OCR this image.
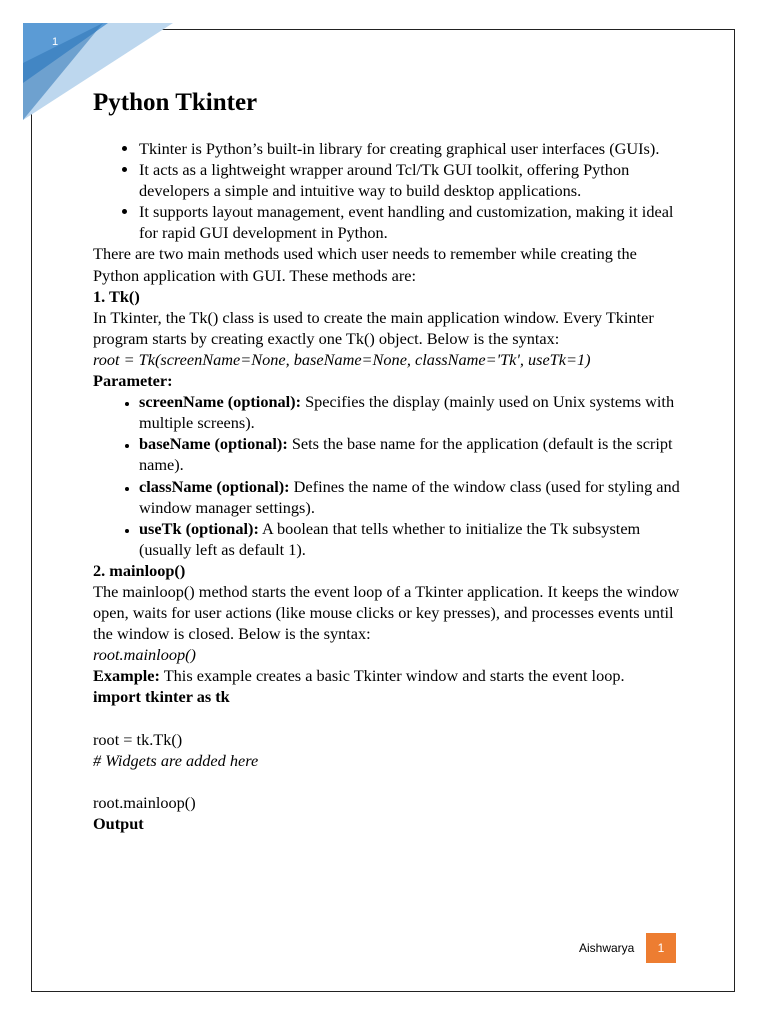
1
Python Tkinter
• Tkinter is Python’s built-in library for creating graphical user interfaces (GUIs).
• It acts as a lightweight wrapper around Tcl/Tk GUI toolkit, offering Python developers a simple and intuitive way to build desktop applications.
• It supports layout management, event handling and customization, making it ideal for rapid GUI development in Python.

There are two main methods used which user needs to remember while creating the Python application with GUI. These methods are:

1. Tk()

In Tkinter, the Tk() class is used to create the main application window. Every Tkinter program starts by creating exactly one Tk() object. Below is the syntax:

root = Tk(screenName=None, baseName=None, className='Tk', useTk=1)

Parameter:

• screenName (optional): Specifies the display (mainly used on Unix systems with multiple screens).
• baseName (optional): Sets the base name for the application (default is the script name).
• className (optional): Defines the name of the window class (used for styling and window manager settings).
• useTk (optional): A boolean that tells whether to initialize the Tk subsystem (usually left as default 1).

2. mainloop()

The mainloop() method starts the event loop of a Tkinter application. It keeps the window open, waits for user actions (like mouse clicks or key presses), and processes events until the window is closed. Below is the syntax:

root.mainloop()

Example: This example creates a basic Tkinter window and starts the event loop.

import tkinter as tk

root = tk.Tk()

# Widgets are added here

root.mainloop()

Output

Aishwarya	1
